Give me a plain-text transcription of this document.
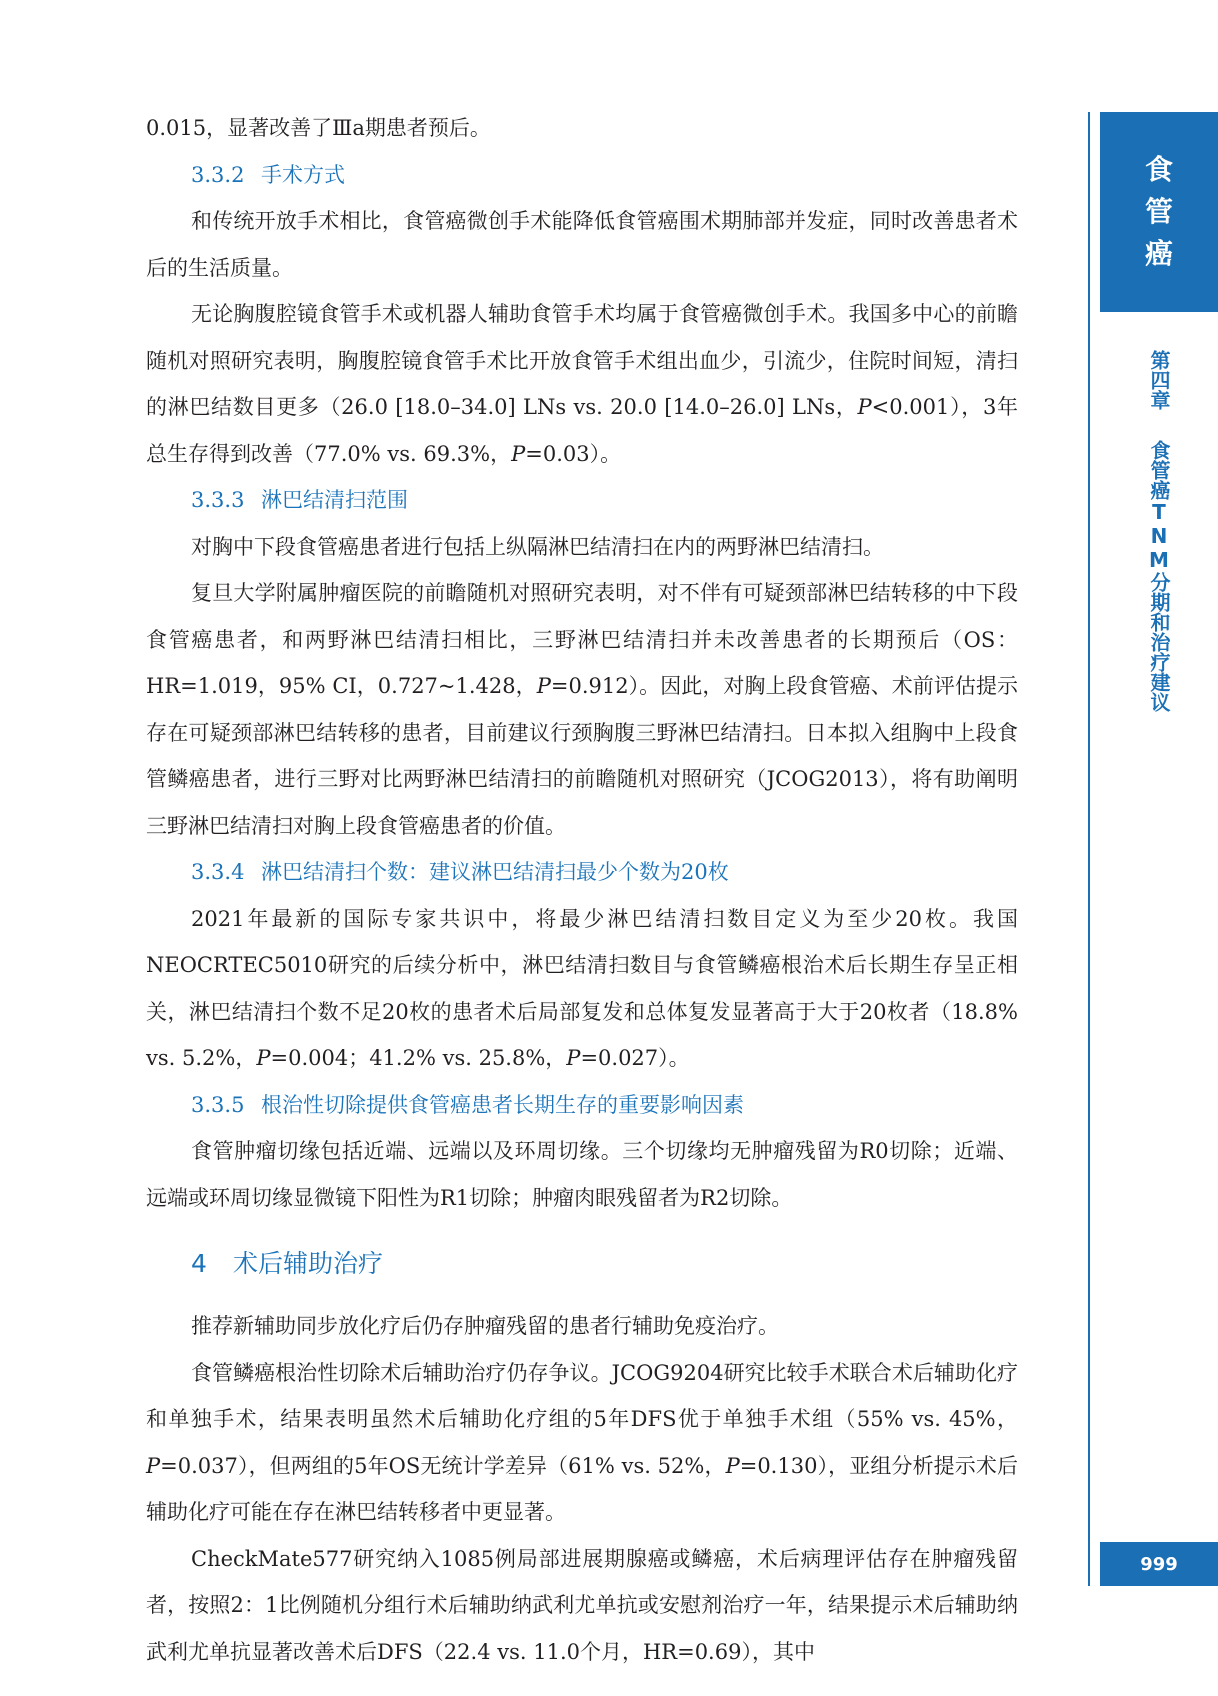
食
管
癌
第四章
食管癌TNM分期和治疗建议
999

0.015，显著改善了Ⅲa期患者预后。

3.3.2 手术方式

和传统开放手术相比，食管癌微创手术能降低食管癌围术期肺部并发症，同时改善患者术后的生活质量。

无论胸腹腔镜食管手术或机器人辅助食管手术均属于食管癌微创手术。我国多中心的前瞻随机对照研究表明，胸腹腔镜食管手术比开放食管手术组出血少，引流少，住院时间短，清扫的淋巴结数目更多（26.0 [18.0–34.0] LNs vs. 20.0 [14.0–26.0] LNs，P<0.001），3年总生存得到改善（77.0% vs. 69.3%，P=0.03）。

3.3.3 淋巴结清扫范围

对胸中下段食管癌患者进行包括上纵隔淋巴结清扫在内的两野淋巴结清扫。

复旦大学附属肿瘤医院的前瞻随机对照研究表明，对不伴有可疑颈部淋巴结转移的中下段食管癌患者，和两野淋巴结清扫相比，三野淋巴结清扫并未改善患者的长期预后（OS：HR=1.019，95% CI，0.727~1.428，P=0.912）。因此，对胸上段食管癌、术前评估提示存在可疑颈部淋巴结转移的患者，目前建议行颈胸腹三野淋巴结清扫。日本拟入组胸中上段食管鳞癌患者，进行三野对比两野淋巴结清扫的前瞻随机对照研究（JCOG2013），将有助阐明三野淋巴结清扫对胸上段食管癌患者的价值。

3.3.4 淋巴结清扫个数：建议淋巴结清扫最少个数为20枚

2021年最新的国际专家共识中，将最少淋巴结清扫数目定义为至少20枚。我国NEOCRTEC5010研究的后续分析中，淋巴结清扫数目与食管鳞癌根治术后长期生存呈正相关，淋巴结清扫个数不足20枚的患者术后局部复发和总体复发显著高于大于20枚者（18.8% vs. 5.2%，P=0.004；41.2% vs. 25.8%，P=0.027）。

3.3.5 根治性切除提供食管癌患者长期生存的重要影响因素

食管肿瘤切缘包括近端、远端以及环周切缘。三个切缘均无肿瘤残留为R0切除；近端、远端或环周切缘显微镜下阳性为R1切除；肿瘤肉眼残留者为R2切除。

4 术后辅助治疗

推荐新辅助同步放化疗后仍存肿瘤残留的患者行辅助免疫治疗。

食管鳞癌根治性切除术后辅助治疗仍存争议。JCOG9204研究比较手术联合术后辅助化疗和单独手术，结果表明虽然术后辅助化疗组的5年DFS优于单独手术组（55% vs. 45%，P=0.037），但两组的5年OS无统计学差异（61% vs. 52%，P=0.130），亚组分析提示术后辅助化疗可能在存在淋巴结转移者中更显著。

CheckMate577研究纳入1085例局部进展期腺癌或鳞癌，术后病理评估存在肿瘤残留者，按照2：1比例随机分组行术后辅助纳武利尤单抗或安慰剂治疗一年，结果提示术后辅助纳武利尤单抗显著改善术后DFS（22.4 vs. 11.0个月，HR=0.69），其中
